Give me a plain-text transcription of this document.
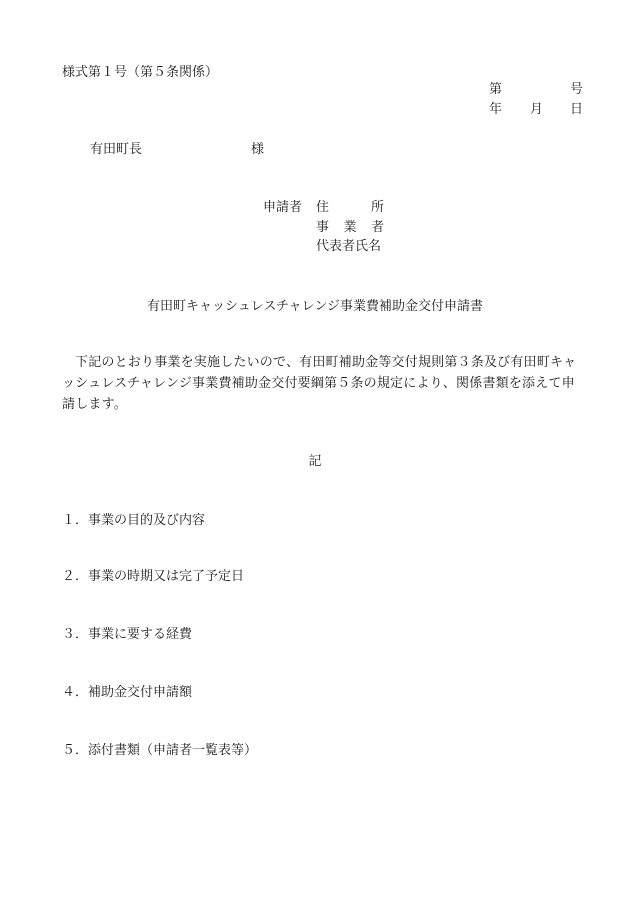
様式第１号（第５条関係）
第	号
年 月 日
有田町長	様
申請者 住	所
事 業 者
代表者氏名
有田町キャッシュレスチャレンジ事業費補助金交付申請書
下記のとおり事業を実施したいので、有田町補助金等交付規則第３条及び有田町キャッシュレスチャレンジ事業費補助金交付要綱第５条の規定により、関係書類を添えて申請します。
記
１．事業の目的及び内容
２．事業の時期又は完了予定日
３．事業に要する経費
４．補助金交付申請額
５．添付書類（申請者一覧表等）
